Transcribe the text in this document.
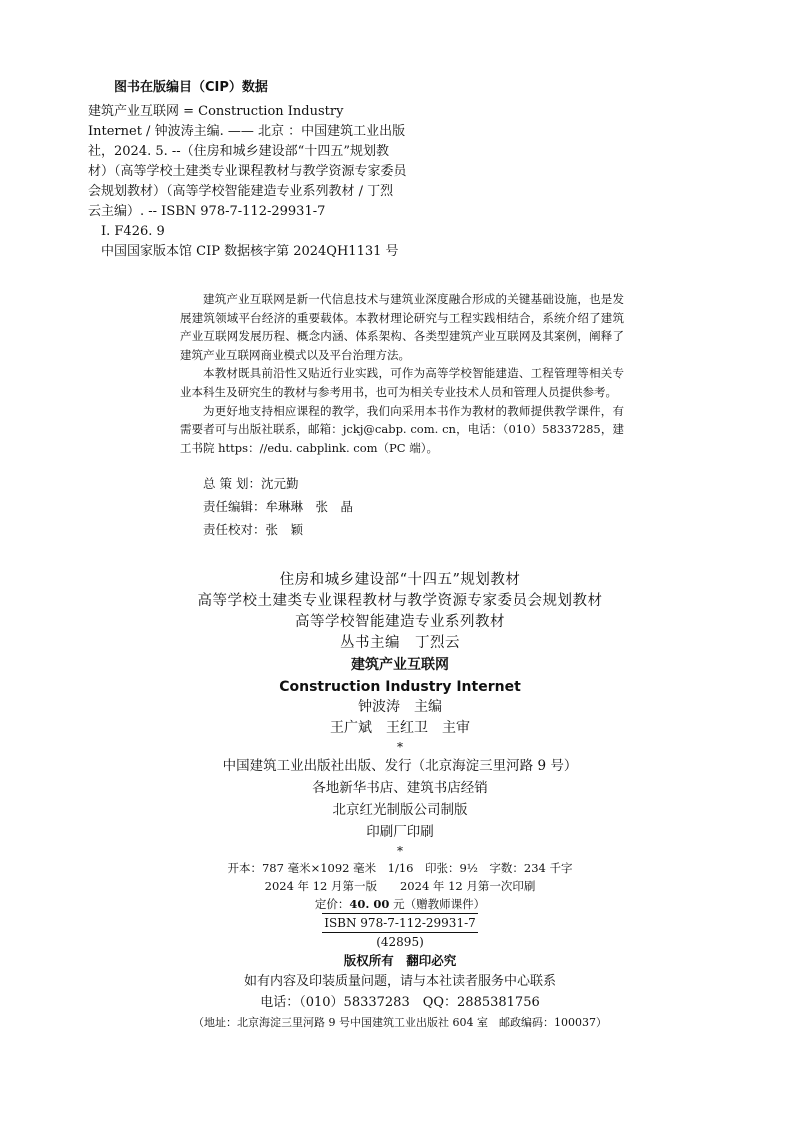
图书在版编目（CIP）数据
建筑产业互联网 = Construction Industry
Internet / 钟波涛主编. —— 北京 ：中国建筑工业出版
社，2024. 5. --（住房和城乡建设部“十四五”规划教
材）（高等学校土建类专业课程教材与教学资源专家委员
会规划教材）（高等学校智能建造专业系列教材 / 丁烈
云主编）. -- ISBN 978-7-112-29931-7
Ⅰ. F426. 9
中国国家版本馆 CIP 数据核字第 2024QH1131 号

建筑产业互联网是新一代信息技术与建筑业深度融合形成的关键基础设施，也是发展建筑领域平台经济的重要载体。本教材理论研究与工程实践相结合，系统介绍了建筑产业互联网发展历程、概念内涵、体系架构、各类型建筑产业互联网及其案例，阐释了建筑产业互联网商业模式以及平台治理方法。

本教材既具前沿性又贴近行业实践，可作为高等学校智能建造、工程管理等相关专业本科生及研究生的教材与参考用书，也可为相关专业技术人员和管理人员提供参考。

为更好地支持相应课程的教学，我们向采用本书作为教材的教师提供教学课件，有需要者可与出版社联系，邮箱：jckj@cabp. com. cn，电话：（010）58337285，建工书院 https：//edu. cabplink. com（PC 端）。

总 策 划：沈元勤
责任编辑：牟琳琳　张　晶
责任校对：张　颖
住房和城乡建设部“十四五”规划教材
高等学校土建类专业课程教材与教学资源专家委员会规划教材
高等学校智能建造专业系列教材
丛书主编　丁烈云
建筑产业互联网
Construction Industry Internet
钟波涛　主编
王广斌　王红卫　主审
*
中国建筑工业出版社出版、发行（北京海淀三里河路 9 号）
各地新华书店、建筑书店经销
北京红光制版公司制版
印刷厂印刷
*
开本：787 毫米×1092 毫米　1/16　印张：9½　字数：234 千字
2024 年 12 月第一版　　2024 年 12 月第一次印刷
定价：40. 00 元（赠教师课件）
ISBN 978-7-112-29931-7
(42895)
版权所有　翻印必究
如有内容及印装质量问题，请与本社读者服务中心联系
电话：（010）58337283　QQ：2885381756
（地址：北京海淀三里河路 9 号中国建筑工业出版社 604 室　邮政编码：100037）
